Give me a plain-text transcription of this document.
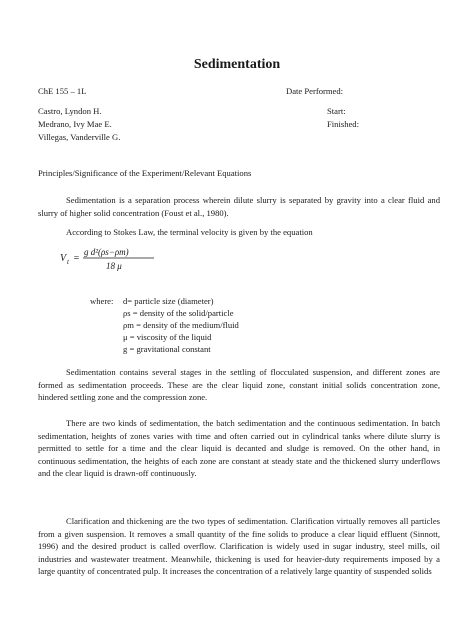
Sedimentation
ChE 155 – 1L	Date Performed:
Castro, Lyndon H.	Start:
Medrano, Ivy Mae E.	Finished:
Villegas, Vanderville G.
Principles/Significance of the Experiment/Relevant Equations
Sedimentation is a separation process wherein dilute slurry is separated by gravity into a clear fluid and slurry of higher solid concentration (Foust et al., 1980).
According to Stokes Law, the terminal velocity is given by the equation
V t =
g d²(ρs−ρm)
18 μ
where: d= particle size (diameter)
ρs = density of the solid/particle
ρm = density of the medium/fluid
μ = viscosity of the liquid
g = gravitational constant
Sedimentation contains several stages in the settling of flocculated suspension, and different zones are formed as sedimentation proceeds. These are the clear liquid zone, constant initial solids concentration zone, hindered settling zone and the compression zone.
There are two kinds of sedimentation, the batch sedimentation and the continuous sedimentation. In batch sedimentation, heights of zones varies with time and often carried out in cylindrical tanks where dilute slurry is permitted to settle for a time and the clear liquid is decanted and sludge is removed. On the other hand, in continuous sedimentation, the heights of each zone are constant at steady state and the thickened slurry underflows and the clear liquid is drawn-off continuously.
Clarification and thickening are the two types of sedimentation. Clarification virtually removes all particles from a given suspension. It removes a small quantity of the fine solids to produce a clear liquid effluent (Sinnott, 1996) and the desired product is called overflow. Clarification is widely used in sugar industry, steel mills, oil industries and wastewater treatment. Meanwhile, thickening is used for heavier-duty requirements imposed by a large quantity of concentrated pulp. It increases the concentration of a relatively large quantity of suspended solids
